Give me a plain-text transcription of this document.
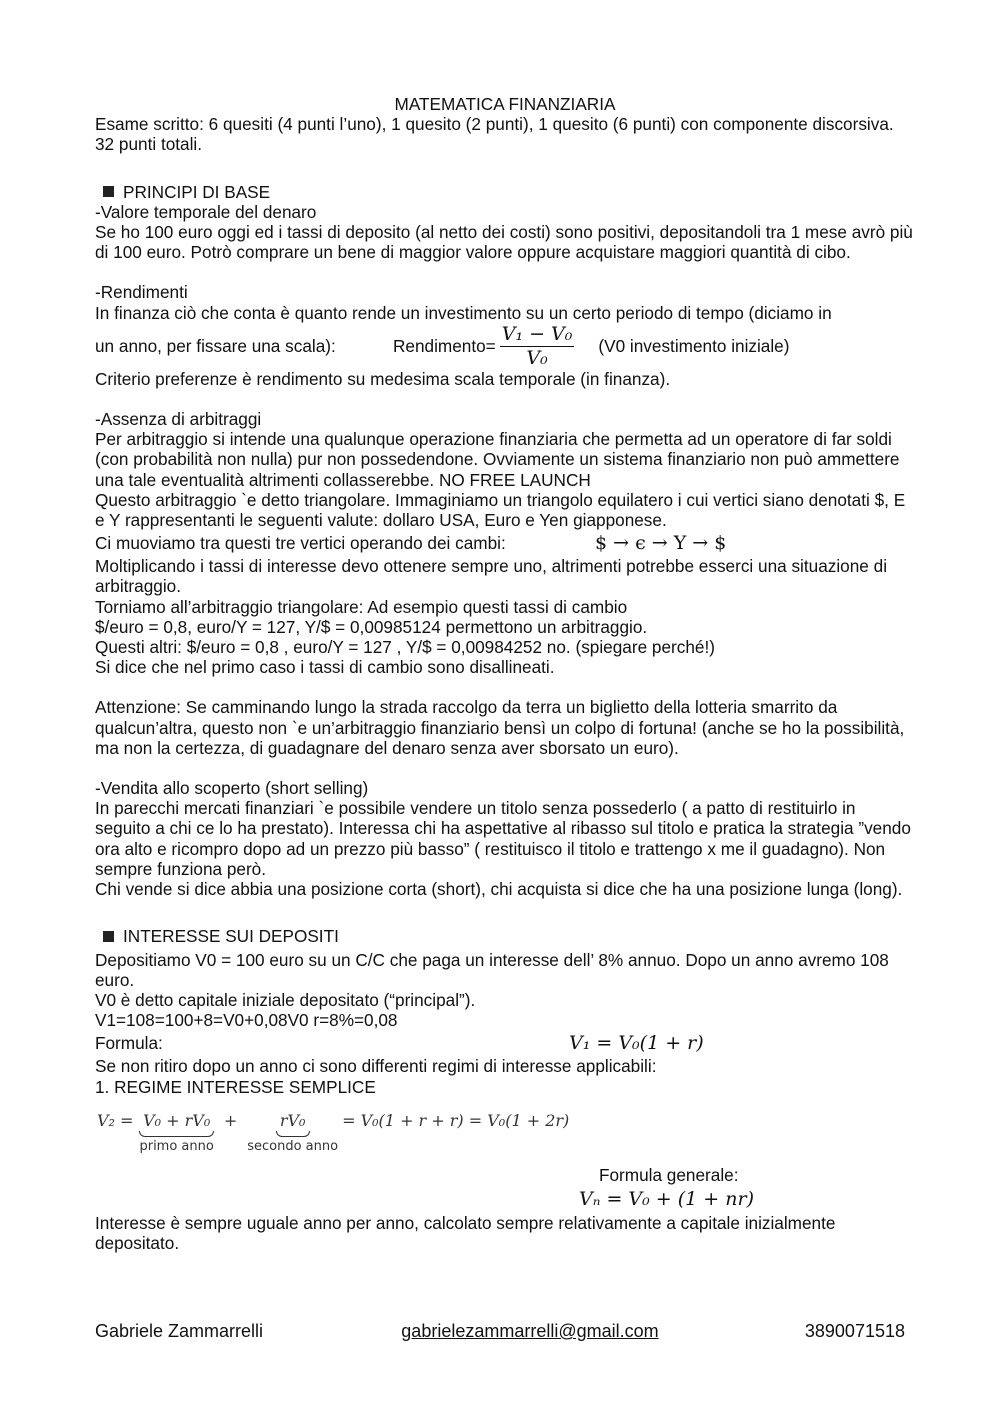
MATEMATICA FINANZIARIA

Esame scritto: 6 quesiti (4 punti l’uno), 1 quesito (2 punti), 1 quesito (6 punti) con componente discorsiva. 32 punti totali.

PRINCIPI DI BASE

-Valore temporale del denaro

Se ho 100 euro oggi ed i tassi di deposito (al netto dei costi) sono positivi, depositandoli tra 1 mese avrò più di 100 euro. Potrò comprare un bene di maggior valore oppure acquistare maggiori quantità di cibo.

-Rendimenti

In finanza ciò che conta è quanto rende un investimento su un certo periodo di tempo (diciamo in

un anno, per fissare una scala):	Rendimento= $\frac{\text{V₁ − V₀}}{\text{V₀}} (V0$ investimento iniziale)

Criterio preferenze è rendimento su medesima scala temporale (in finanza).

-Assenza di arbitraggi

Per arbitraggio si intende una qualunque operazione finanziaria che permetta ad un operatore di far soldi (con probabilità non nulla) pur non possedendone. Ovviamente un sistema finanziario non può ammettere una tale eventualità altrimenti collasserebbe. NO FREE LAUNCH

Questo arbitraggio `e detto triangolare. Immaginiamo un triangolo equilatero i cui vertici siano denotati $, E e Y rappresentanti le seguenti valute: dollaro USA, Euro e Yen giapponese.

Ci muoviamo tra questi tre vertici operando dei cambi:	$ → ϵ → Y → $

Moltiplicando i tassi di interesse devo ottenere sempre uno, altrimenti potrebbe esserci una situazione di arbitraggio.

Torniamo all’arbitraggio triangolare: Ad esempio questi tassi di cambio

$/euro = 0,8, euro/Y = 127, Y/$ = 0,00985124 permettono un arbitraggio.

Questi altri: $/euro = 0,8 , euro/Y = 127 , Y/$ = 0,00984252 no. (spiegare perché!)

Si dice che nel primo caso i tassi di cambio sono disallineati.

Attenzione: Se camminando lungo la strada raccolgo da terra un biglietto della lotteria smarrito da qualcun’altra, questo non `e un’arbitraggio finanziario bensì un colpo di fortuna! (anche se ho la possibilità, ma non la certezza, di guadagnare del denaro senza aver sborsato un euro).

-Vendita allo scoperto (short selling)

In parecchi mercati finanziari `e possibile vendere un titolo senza possederlo ( a patto di restituirlo in seguito a chi ce lo ha prestato). Interessa chi ha aspettative al ribasso sul titolo e pratica la strategia ”vendo ora alto e ricompro dopo ad un prezzo più basso” ( restituisco il titolo e trattengo x me il guadagno). Non sempre funziona però.

Chi vende si dice abbia una posizione corta (short), chi acquista si dice che ha una posizione lunga (long).

INTERESSE SUI DEPOSITI

Depositiamo V0 = 100 euro su un C/C che paga un interesse dell’ 8% annuo. Dopo un anno avremo 108 euro.

V0 è detto capitale iniziale depositato (“principal”).

V1=108=100+8=V0+0,08V0 r=8%=0,08

Formula:	V₁ = V₀(1 + r)

Se non ritiro dopo un anno ci sono differenti regimi di interesse applicabili:

1. REGIME INTERESSE SEMPLICE

V₂ = V₀ + rV₀
primo anno
+	rV₀
secondo anno
= V₀(1 + r + r) = V₀(1 + 2r)

Formula generale:

Vₙ = V₀ + (1 + nr)

Interesse è sempre uguale anno per anno, calcolato sempre relativamente a capitale inizialmente depositato.

Gabriele Zammarrelli	gabrielezammarrelli@gmail.com	3890071518
